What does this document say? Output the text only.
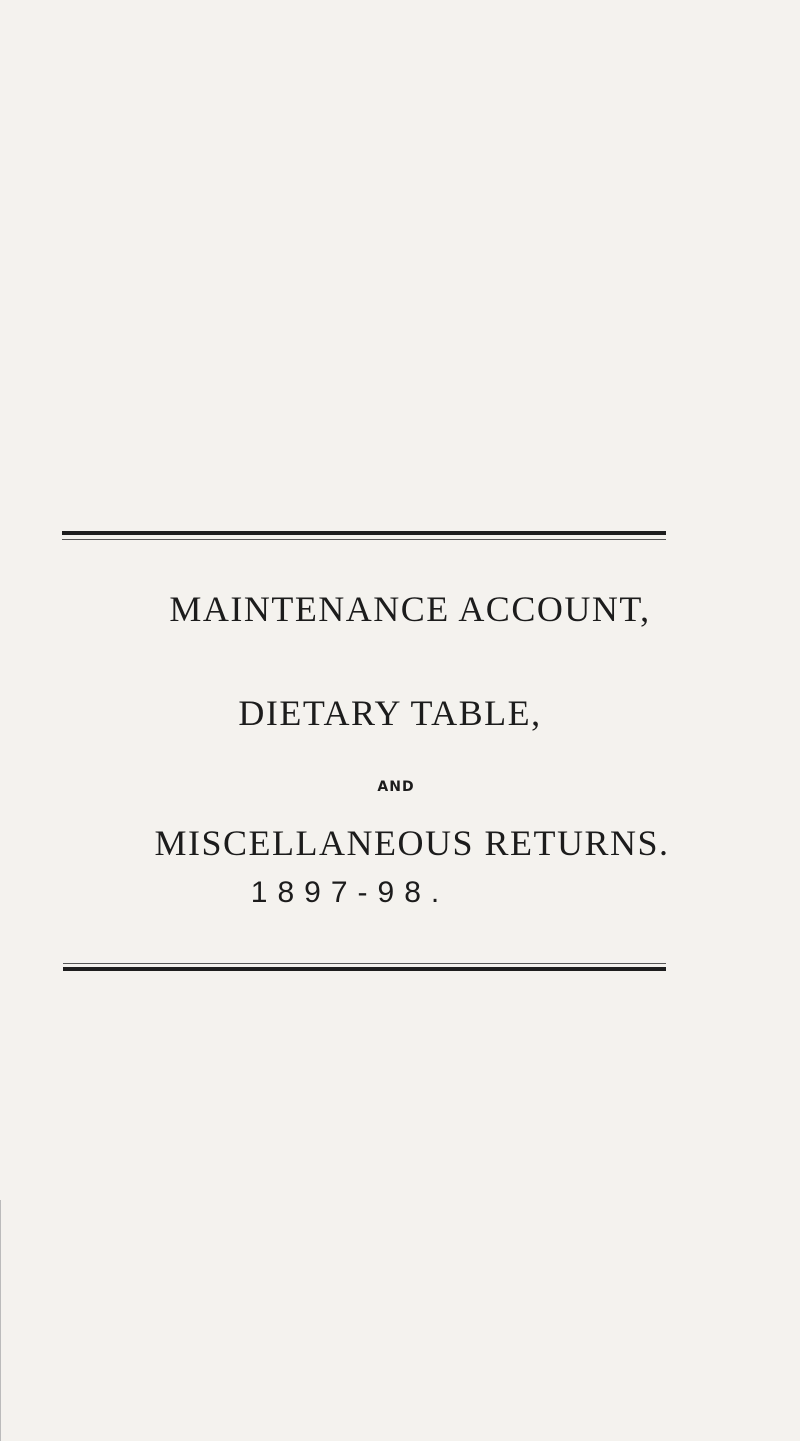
MAINTENANCE ACCOUNT,
DIETARY TABLE,
AND
MISCELLANEOUS RETURNS.
1897-98.
